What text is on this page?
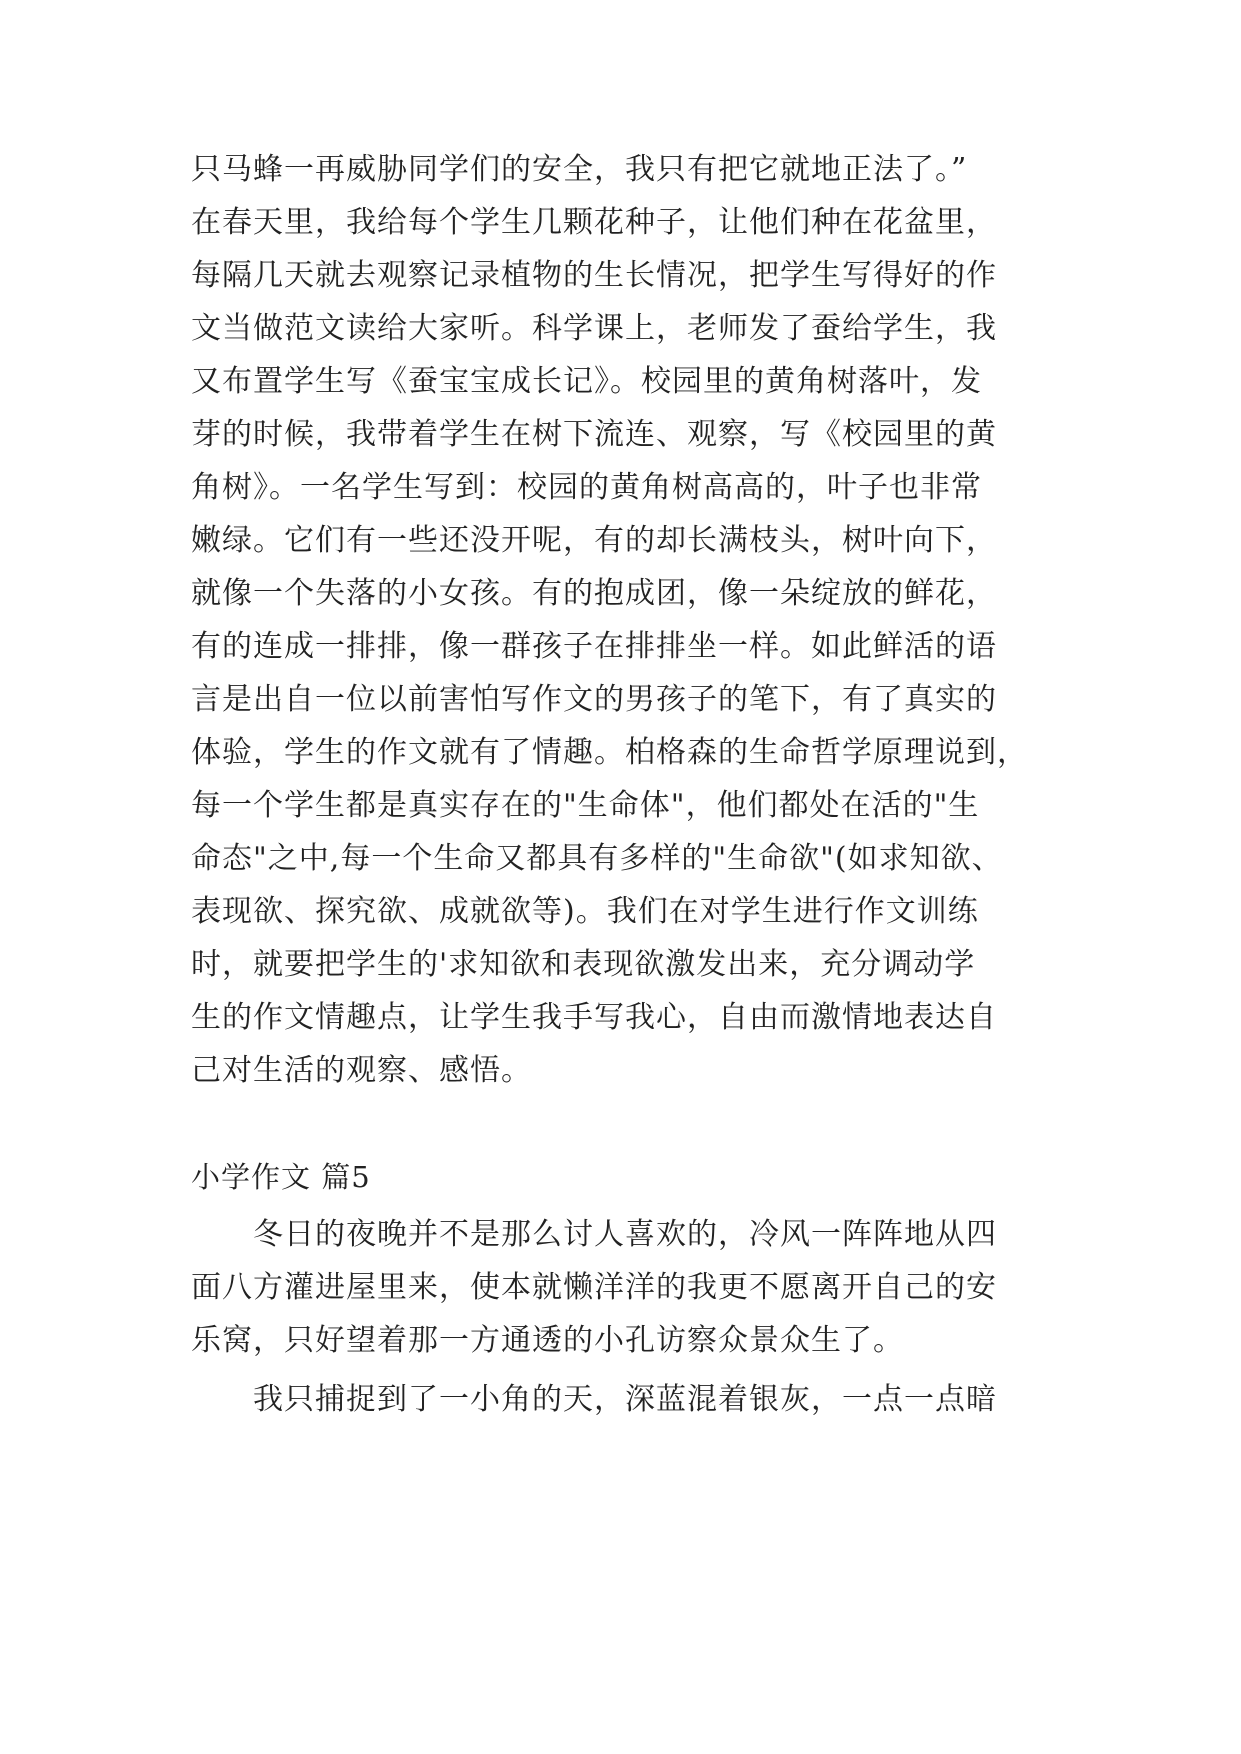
只马蜂一再威胁同学们的安全，我只有把它就地正法了。”
在春天里，我给每个学生几颗花种子，让他们种在花盆里，
每隔几天就去观察记录植物的生长情况，把学生写得好的作
文当做范文读给大家听。科学课上，老师发了蚕给学生，我
又布置学生写《蚕宝宝成长记》。校园里的黄角树落叶，发
芽的时候，我带着学生在树下流连、观察，写《校园里的黄
角树》。一名学生写到：校园的黄角树高高的，叶子也非常
嫩绿。它们有一些还没开呢，有的却长满枝头，树叶向下，
就像一个失落的小女孩。有的抱成团，像一朵绽放的鲜花，
有的连成一排排，像一群孩子在排排坐一样。如此鲜活的语
言是出自一位以前害怕写作文的男孩子的笔下，有了真实的
体验，学生的作文就有了情趣。柏格森的生命哲学原理说到，
每一个学生都是真实存在的"生命体"，他们都处在活的"生
命态"之中,每一个生命又都具有多样的"生命欲"(如求知欲、
表现欲、探究欲、成就欲等)。我们在对学生进行作文训练
时，就要把学生的'求知欲和表现欲激发出来，充分调动学
生的作文情趣点，让学生我手写我心，自由而激情地表达自
己对生活的观察、感悟。
小学作文 篇5
冬日的夜晚并不是那么讨人喜欢的，冷风一阵阵地从四
面八方灌进屋里来，使本就懒洋洋的我更不愿离开自己的安
乐窝，只好望着那一方通透的小孔访察众景众生了。
我只捕捉到了一小角的天，深蓝混着银灰，一点一点暗
